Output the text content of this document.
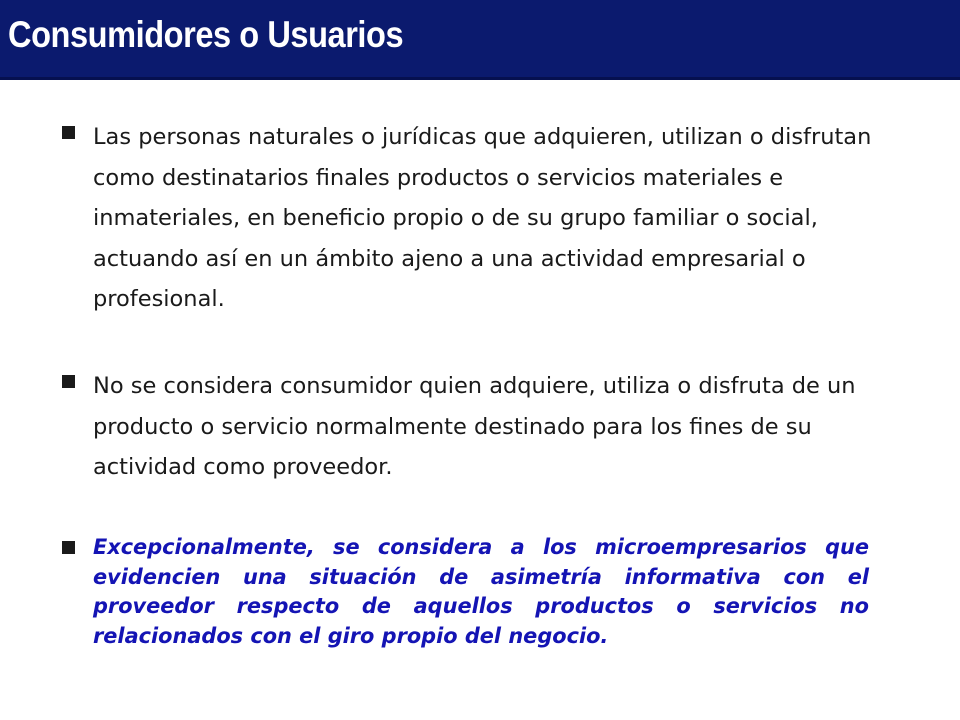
Consumidores o Usuarios

Las personas naturales o jurídicas que adquieren, utilizan o disfrutan como destinatarios finales productos o servicios materiales e inmateriales, en beneficio propio o de su grupo familiar o social, actuando así en un ámbito ajeno a una actividad empresarial o profesional.

No se considera consumidor quien adquiere, utiliza o disfruta de un producto o servicio normalmente destinado para los fines de su actividad como proveedor.

Excepcionalmente, se considera a los microempresarios que evidencien una situación de asimetría informativa con el proveedor respecto de aquellos productos o servicios no relacionados con el giro propio del negocio.
